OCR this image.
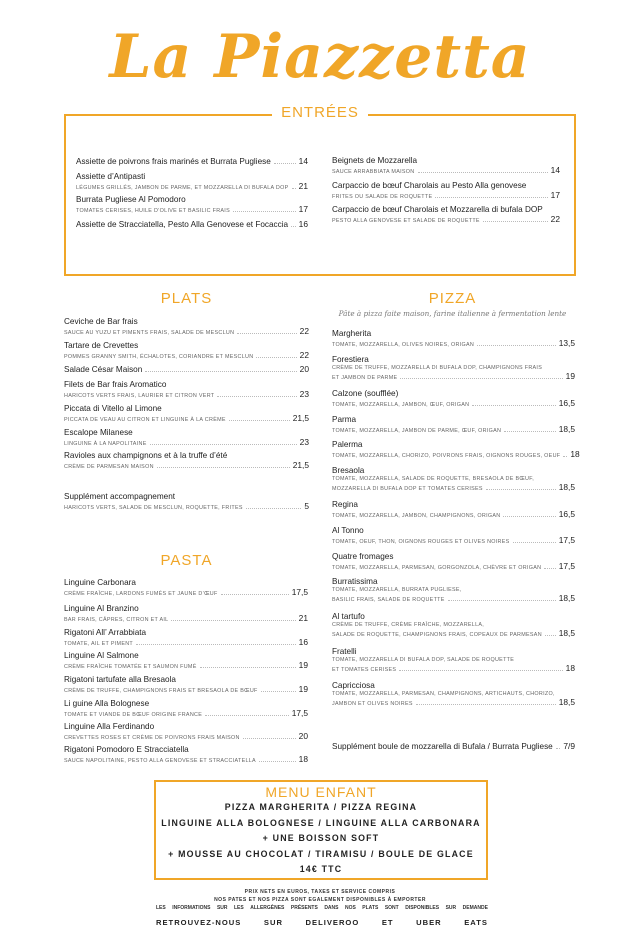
La Piazzetta
ENTRÉES
Assiette de poivrons frais marinés et Burrata Pugliese	14
Assiette d’Antipasti
LÉGUMES GRILLÉS, JAMBON DE PARME, ET MOZZARELLA DI BUFALA DOP 21
Burrata Pugliese Al Pomodoro
TOMATES CERISES, HUILE D’OLIVE ET BASILIC FRAIS	17
Assiette de Stracciatella, Pesto Alla Genovese et Focaccia 16
Beignets de Mozzarella
SAUCE ARRABBIATA MAISON	14
Carpaccio de bœuf Charolais au Pesto Alla genovese
FRITES OU SALADE DE ROQUETTE	17
Carpaccio de bœuf Charolais et Mozzarella di bufala DOP
PESTO ALLA GENOVESE ET SALADE DE ROQUETTE	22
PLATS	PIZZA
Pâte à pizza faite maison, farine italienne à fermentation lente
Ceviche de Bar frais
SAUCE AU YUZU ET PIMENTS FRAIS, SALADE DE MESCLUN	22
Tartare de Crevettes
POMMES GRANNY SMITH, ÉCHALOTES, CORIANDRE ET MESCLUN	22
Salade César Maison	20
Filets de Bar frais Aromatico
HARICOTS VERTS FRAIS, LAURIER ET CITRON VERT	23
Piccata di Vitello al Limone
PICCATA DE VEAU AU CITRON ET LINGUINE À LA CRÈME	21,5
Escalope Milanese
LINGUINE À LA NAPOLITAINE	23
Ravioles aux champignons et à la truffe d’été
CRÈME DE PARMESAN MAISON	21,5
Supplément accompagnement
HARICOTS VERTS, SALADE DE MESCLUN, ROQUETTE, FRITES	5
Margherita
TOMATE, MOZZARELLA, OLIVES NOIRES, ORIGAN	13,5
Forestiera
CRÈME DE TRUFFE, MOZZARELLA DI BUFALA DOP, CHAMPIGNONS FRAIS
ET JAMBON DE PARME	19
Calzone (soufflée)
TOMATE, MOZZARELLA, JAMBON, ŒUF, ORIGAN	16,5
Parma
TOMATE, MOZZARELLA, JAMBON DE PARME, ŒUF, ORIGAN	18,5
Palerma
TOMATE, MOZZARELLA, CHORIZO, POIVRONS FRAIS, OIGNONS ROUGES, OEUF 18
Bresaola
TOMATE, MOZZARELLA, SALADE DE ROQUETTE, BRESAOLA DE BŒUF,
MOZZARELLA DI BUFALA DOP ET TOMATES CERISES	18,5
Regina
TOMATE, MOZZARELLA, JAMBON, CHAMPIGNONS, ORIGAN	16,5
Al Tonno
TOMATE, OEUF, THON, OIGNONS ROUGES ET OLIVES NOIRES	17,5
Quatre fromages
TOMATE, MOZZARELLA, PARMESAN, GORGONZOLA, CHÈVRE ET ORIGAN 17,5
Burratissima
TOMATE, MOZZARELLA, BURRATA PUGLIESE,
BASILIC FRAIS, SALADE DE ROQUETTE	18,5
Al tartufo
CRÈME DE TRUFFE, CRÈME FRAÎCHE, MOZZARELLA,
SALADE DE ROQUETTE, CHAMPIGNONS FRAIS, COPEAUX DE PARMESAN 18,5
Fratelli
TOMATE, MOZZARELLA DI BUFALA DOP, SALADE DE ROQUETTE
ET TOMATES CERISES	18
Capricciosa
TOMATE, MOZZARELLA, PARMESAN, CHAMPIGNONS, ARTICHAUTS, CHORIZO,
JAMBON ET OLIVES NOIRES	18,5
Supplément boule de mozzarella di Bufala / Burrata Pugliese 7/9
PASTA
Linguine Carbonara
CRÈME FRAÎCHE, LARDONS FUMÉS ET JAUNE D’ŒUF	17,5
Linguine Al Branzino
BAR FRAIS, CÂPRES, CITRON ET AIL	21
Rigatoni All’ Arrabbiata
TOMATE, AIL ET PIMENT	16
Linguine Al Salmone
CRÈME FRAÎCHE TOMATÉE ET SAUMON FUMÉ	19
Rigatoni tartufate alla Bresaola
CRÈME DE TRUFFE, CHAMPIGNONS FRAIS ET BRESAOLA DE BŒUF	19
Li guine Alla Bolognese
TOMATE ET VIANDE DE BŒUF ORIGINE FRANCE	17,5
Linguine Alla Ferdinando
CREVETTES ROSES ET CRÈME DE POIVRONS FRAIS MAISON	20
Rigatoni Pomodoro E Stracciatella
SAUCE NAPOLITAINE, PESTO ALLA GENOVESE ET STRACCIATELLA	18
MENU ENFANT
PIZZA MARGHERITA / PIZZA REGINA
LINGUINE ALLA BOLOGNESE / LINGUINE ALLA CARBONARA
+ UNE BOISSON SOFT
+ MOUSSE AU CHOCOLAT / TIRAMISU / BOULE DE GLACE
14€ TTC
PRIX NETS EN EUROS, TAXES ET SERVICE COMPRIS
NOS PATES ET NOS PIZZA SONT EGALEMENT DISPONIBLES À EMPORTER
LES INFORMATIONS SUR LES ALLERGÈNES PRÉSENTS DANS NOS PLATS SONT DISPONIBLES SUR DEMANDE
RETROUVEZ-NOUS	SUR	DELIVEROO	ET	UBER	EATS
